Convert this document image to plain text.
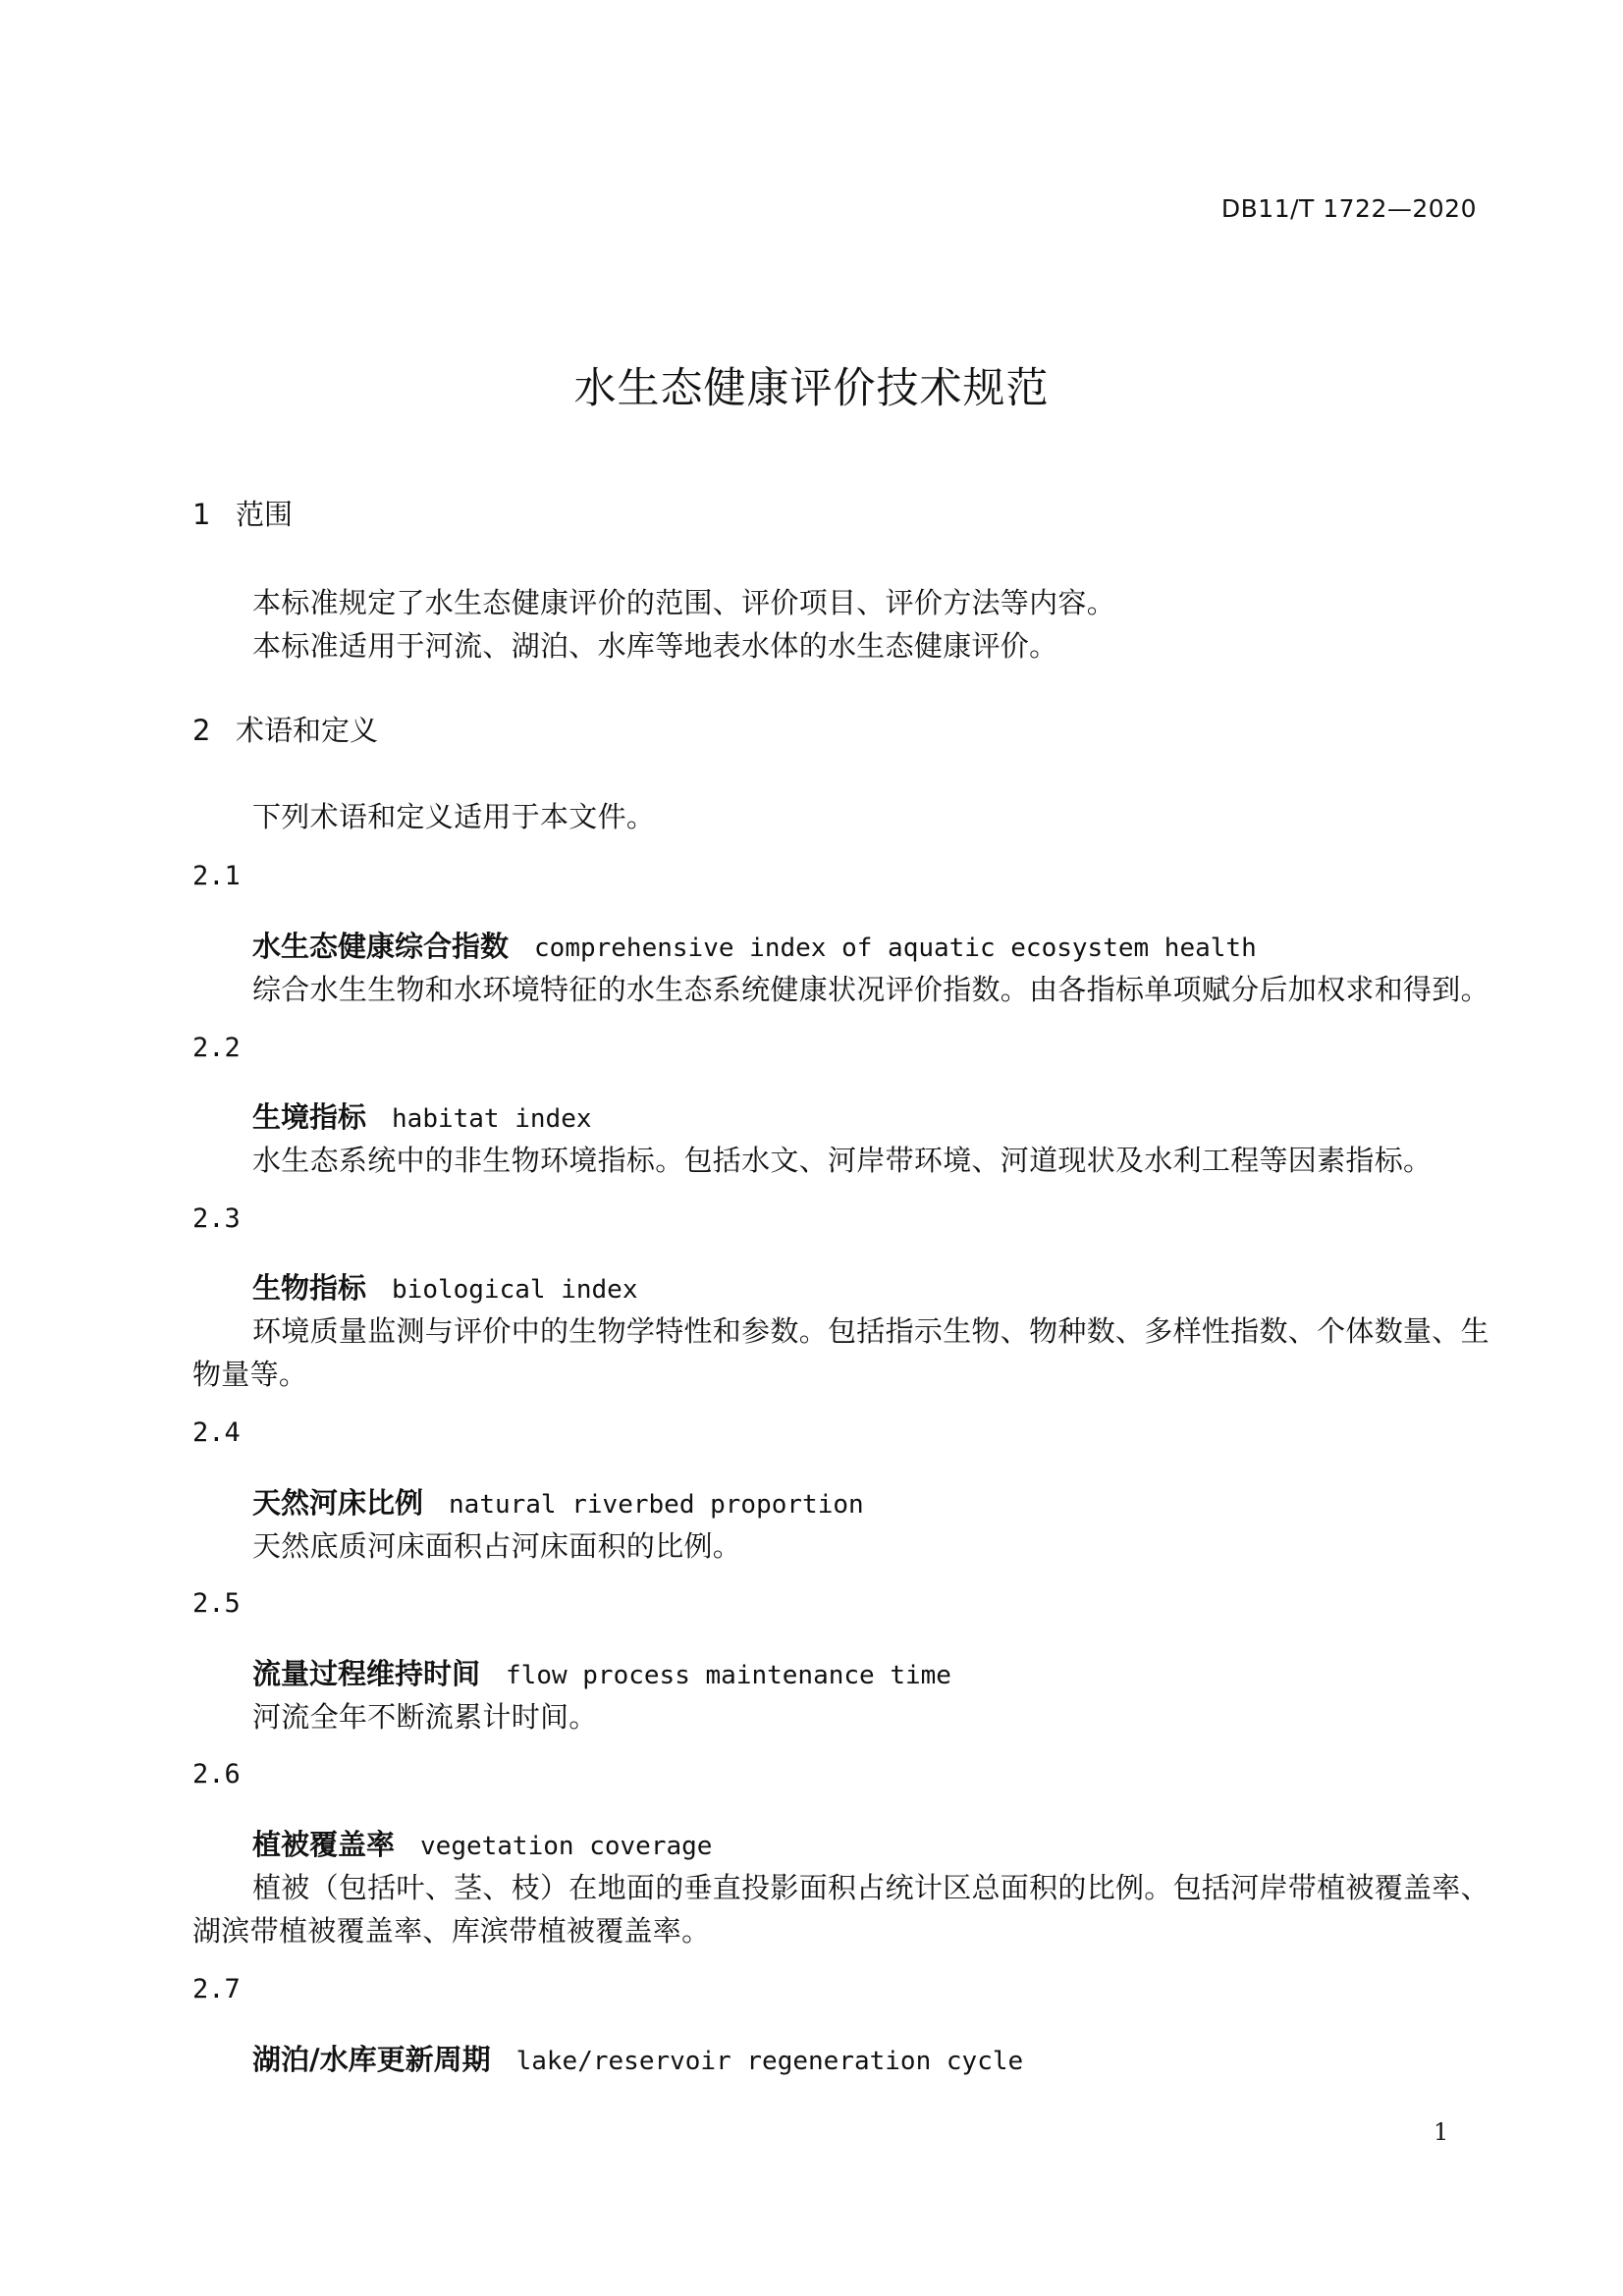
DB11/T 1722—2020
水生态健康评价技术规范
1 范围
本标准规定了水生态健康评价的范围、评价项目、评价方法等内容。
本标准适用于河流、湖泊、水库等地表水体的水生态健康评价。
2 术语和定义
下列术语和定义适用于本文件。
2.1
水生态健康综合指数 comprehensive index of aquatic ecosystem health
综合水生生物和水环境特征的水生态系统健康状况评价指数。由各指标单项赋分后加权求和得到。
2.2
生境指标 habitat index
水生态系统中的非生物环境指标。包括水文、河岸带环境、河道现状及水利工程等因素指标。
2.3
生物指标 biological index
环境质量监测与评价中的生物学特性和参数。包括指示生物、物种数、多样性指数、个体数量、生
物量等。
2.4
天然河床比例 natural riverbed proportion
天然底质河床面积占河床面积的比例。
2.5
流量过程维持时间 flow process maintenance time
河流全年不断流累计时间。
2.6
植被覆盖率 vegetation coverage
植被（包括叶、茎、枝）在地面的垂直投影面积占统计区总面积的比例。包括河岸带植被覆盖率、
湖滨带植被覆盖率、库滨带植被覆盖率。
2.7
湖泊/水库更新周期 lake/reservoir regeneration cycle
1
